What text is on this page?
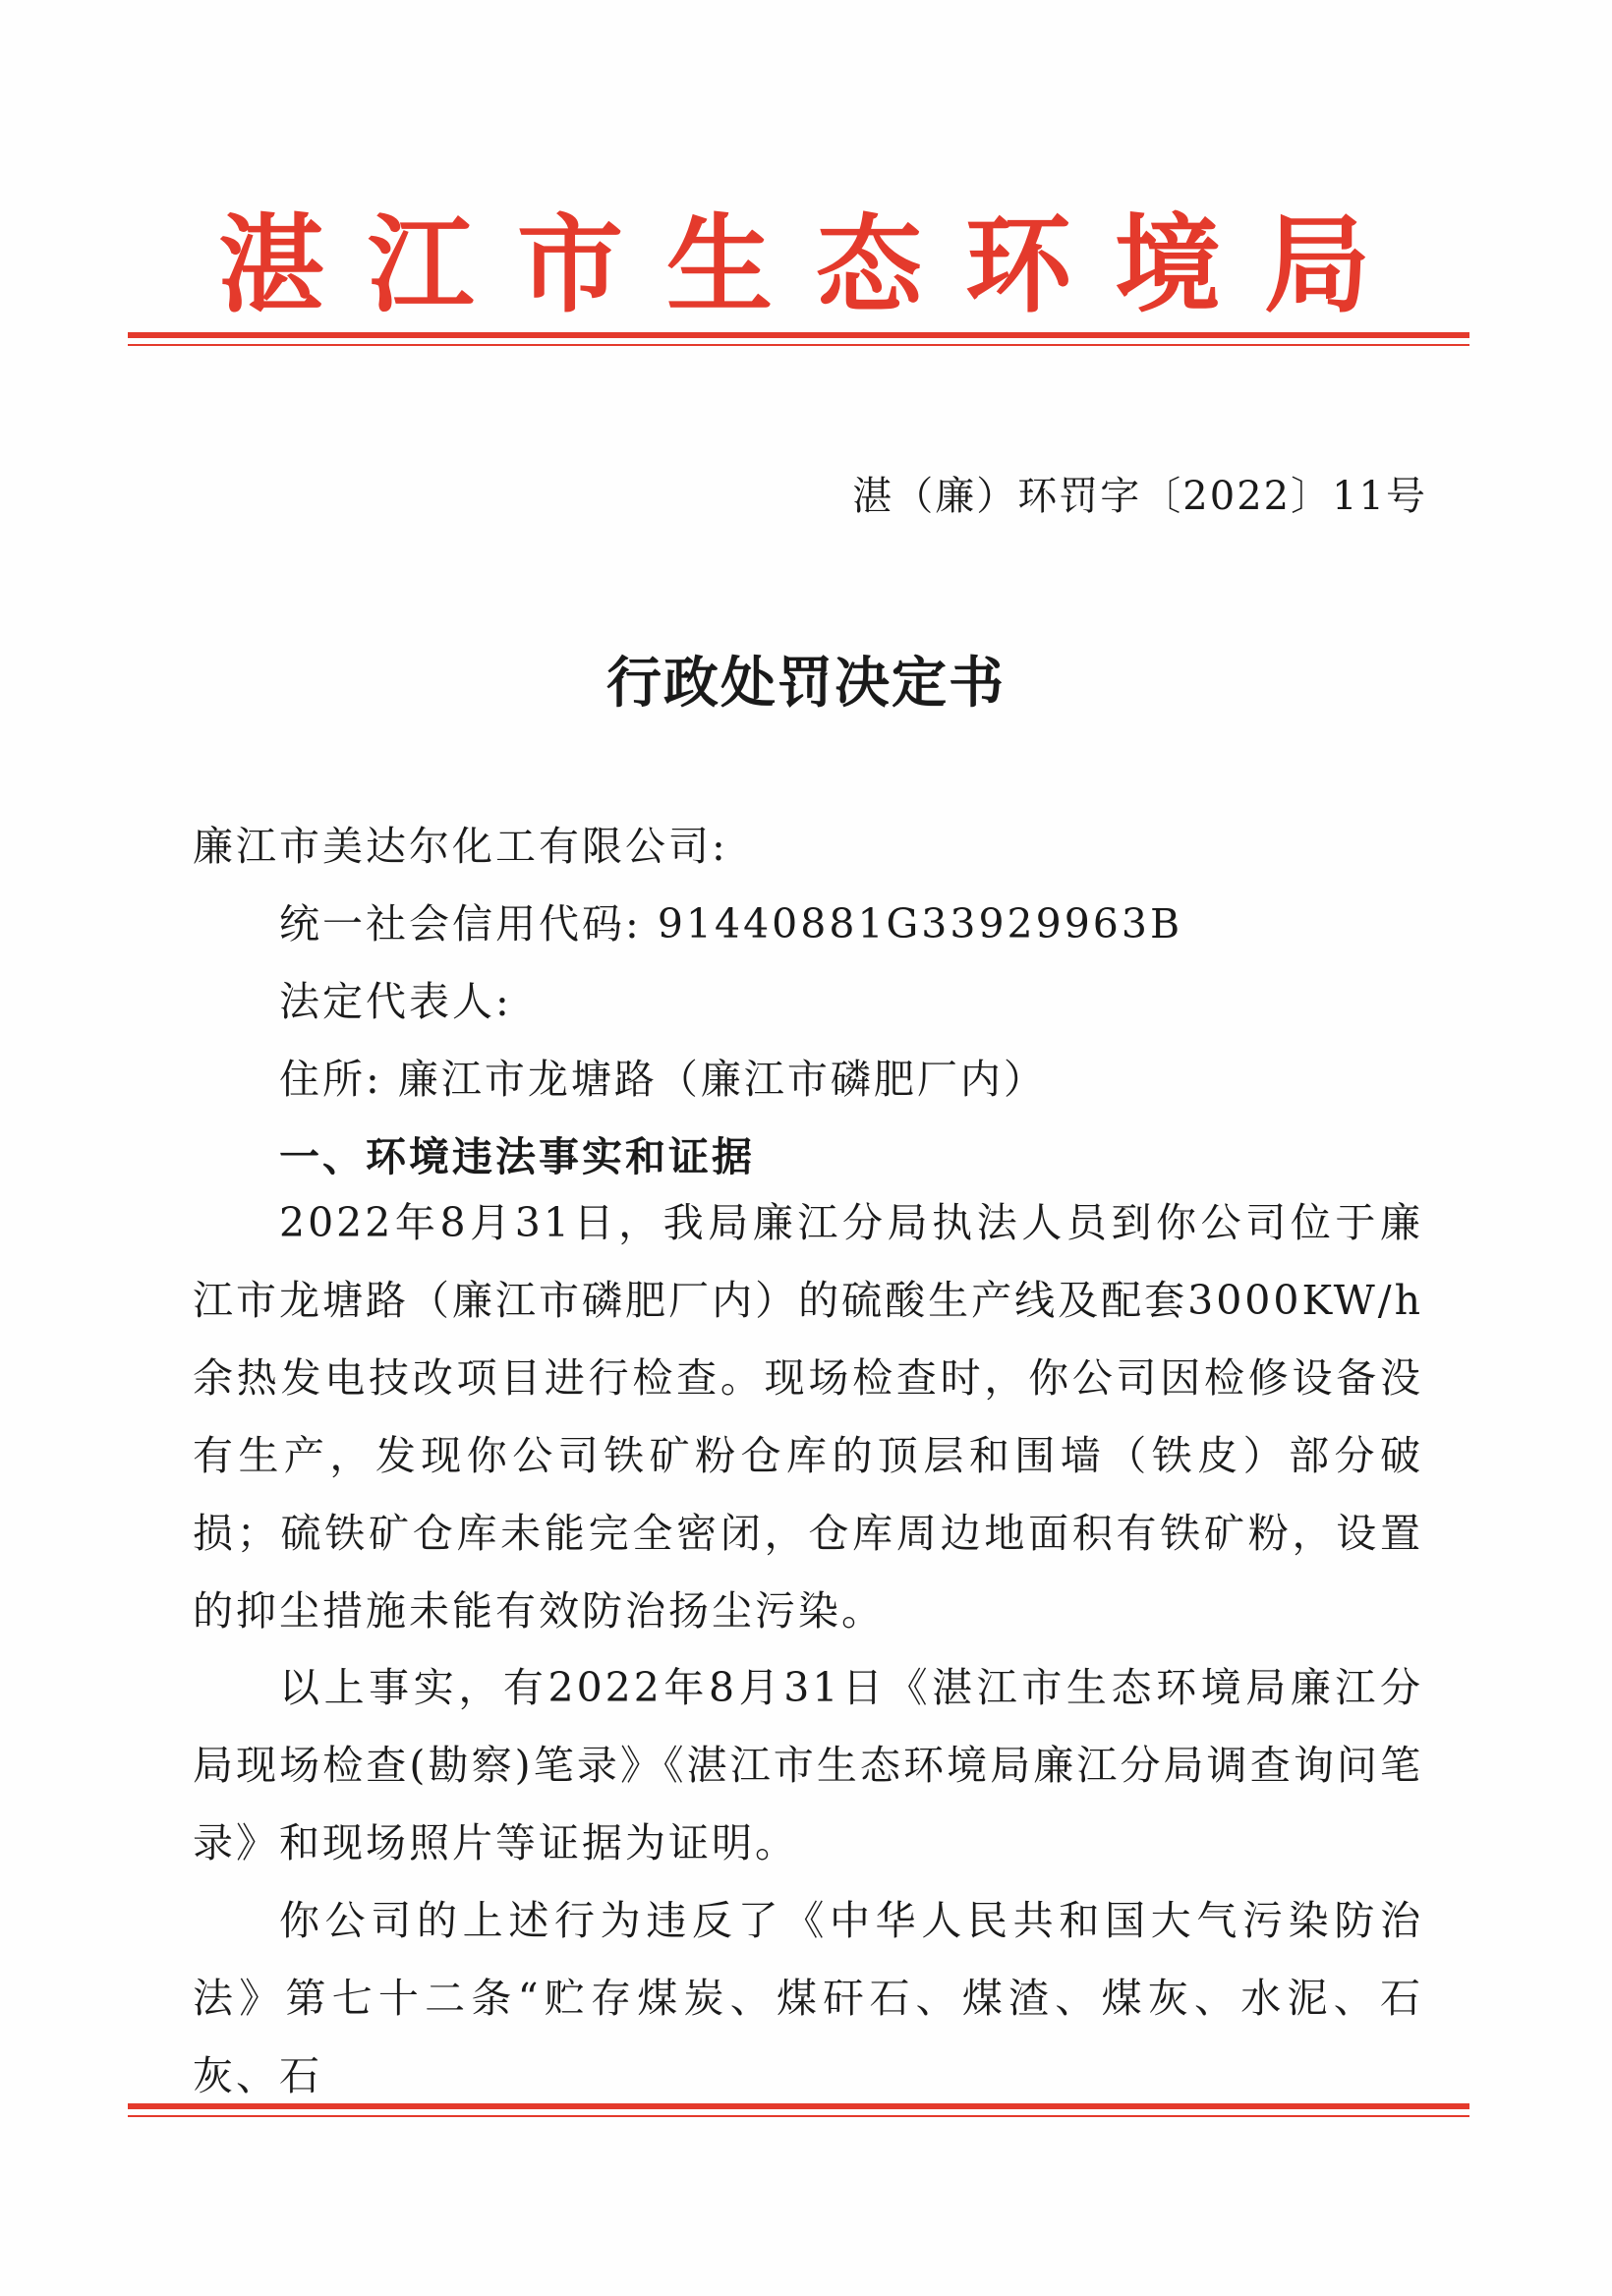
湛江市生态环境局
湛（廉）环罚字〔2022〕11号
行政处罚决定书
廉江市美达尔化工有限公司:
统一社会信用代码: 91440881G33929963B
法定代表人:
住所: 廉江市龙塘路（廉江市磷肥厂内）
一、环境违法事实和证据
2022年8月31日，我局廉江分局执法人员到你公司位于廉江市龙塘路（廉江市磷肥厂内）的硫酸生产线及配套3000KW/h余热发电技改项目进行检查。现场检查时，你公司因检修设备没有生产，发现你公司铁矿粉仓库的顶层和围墙（铁皮）部分破损；硫铁矿仓库未能完全密闭，仓库周边地面积有铁矿粉，设置的抑尘措施未能有效防治扬尘污染。
以上事实，有2022年8月31日《湛江市生态环境局廉江分局现场检查(勘察)笔录》《湛江市生态环境局廉江分局调查询问笔录》和现场照片等证据为证明。
你公司的上述行为违反了《中华人民共和国大气污染防治法》第七十二条“贮存煤炭、煤矸石、煤渣、煤灰、水泥、石灰、石
